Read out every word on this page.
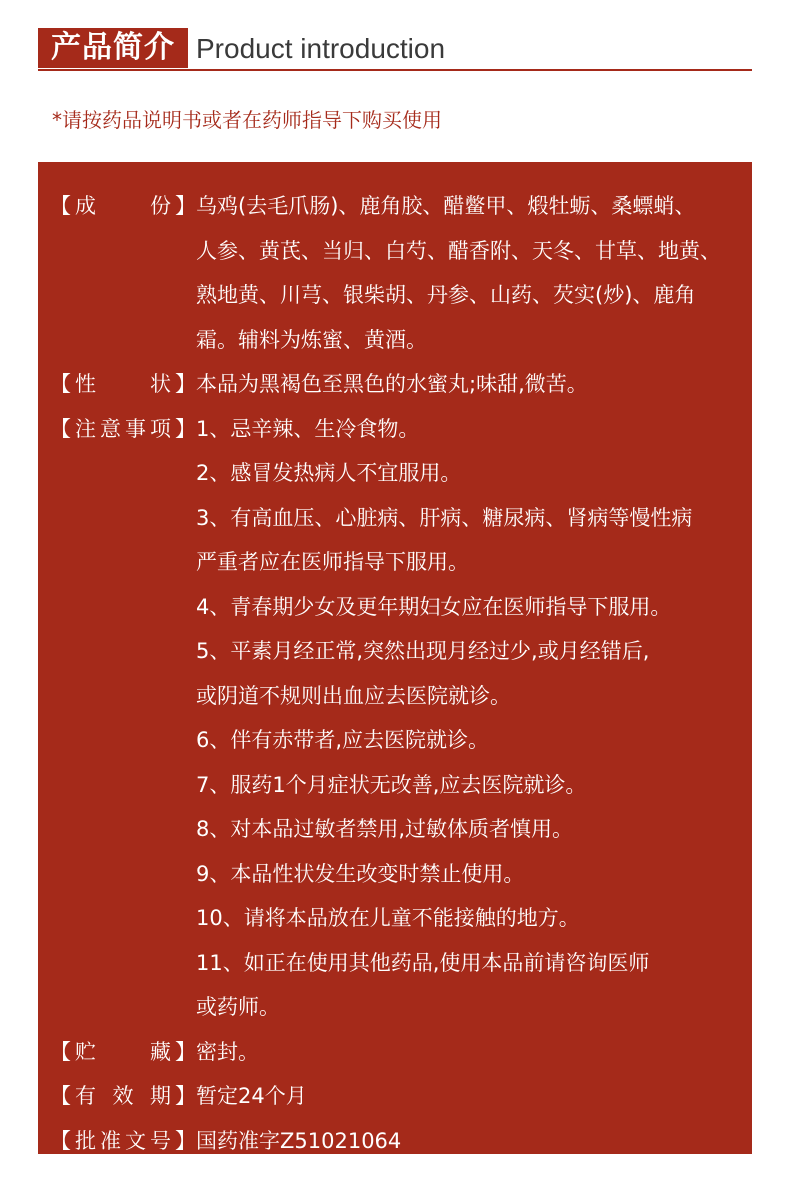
产品简介 Product introduction
*请按药品说明书或者在药师指导下购买使用
【 成	份 】 乌鸡(去毛爪肠)、鹿角胶、醋鳖甲、煅牡蛎、桑螵蛸、
人参、黄芪、当归、白芍、醋香附、天冬、甘草、地黄、
熟地黄、川芎、银柴胡、丹参、山药、芡实(炒)、鹿角
霜。辅料为炼蜜、黄酒。
【 性	状 】 本品为黑褐色至黑色的水蜜丸;味甜,微苦。
【 注 意 事 项 】 1、忌辛辣、生冷食物。
2、感冒发热病人不宜服用。
3、有高血压、心脏病、肝病、糖尿病、肾病等慢性病
严重者应在医师指导下服用。
4、青春期少女及更年期妇女应在医师指导下服用。
5、平素月经正常,突然出现月经过少,或月经错后,
或阴道不规则出血应去医院就诊。
6、伴有赤带者,应去医院就诊。
7、服药1个月症状无改善,应去医院就诊。
8、对本品过敏者禁用,过敏体质者慎用。
9、本品性状发生改变时禁止使用。
10、请将本品放在儿童不能接触的地方。
11、如正在使用其他药品,使用本品前请咨询医师
或药师。
【 贮	藏 】 密封。
【 有 效 期 】 暂定24个月
【 批 准 文 号 】 国药准字Z51021064
